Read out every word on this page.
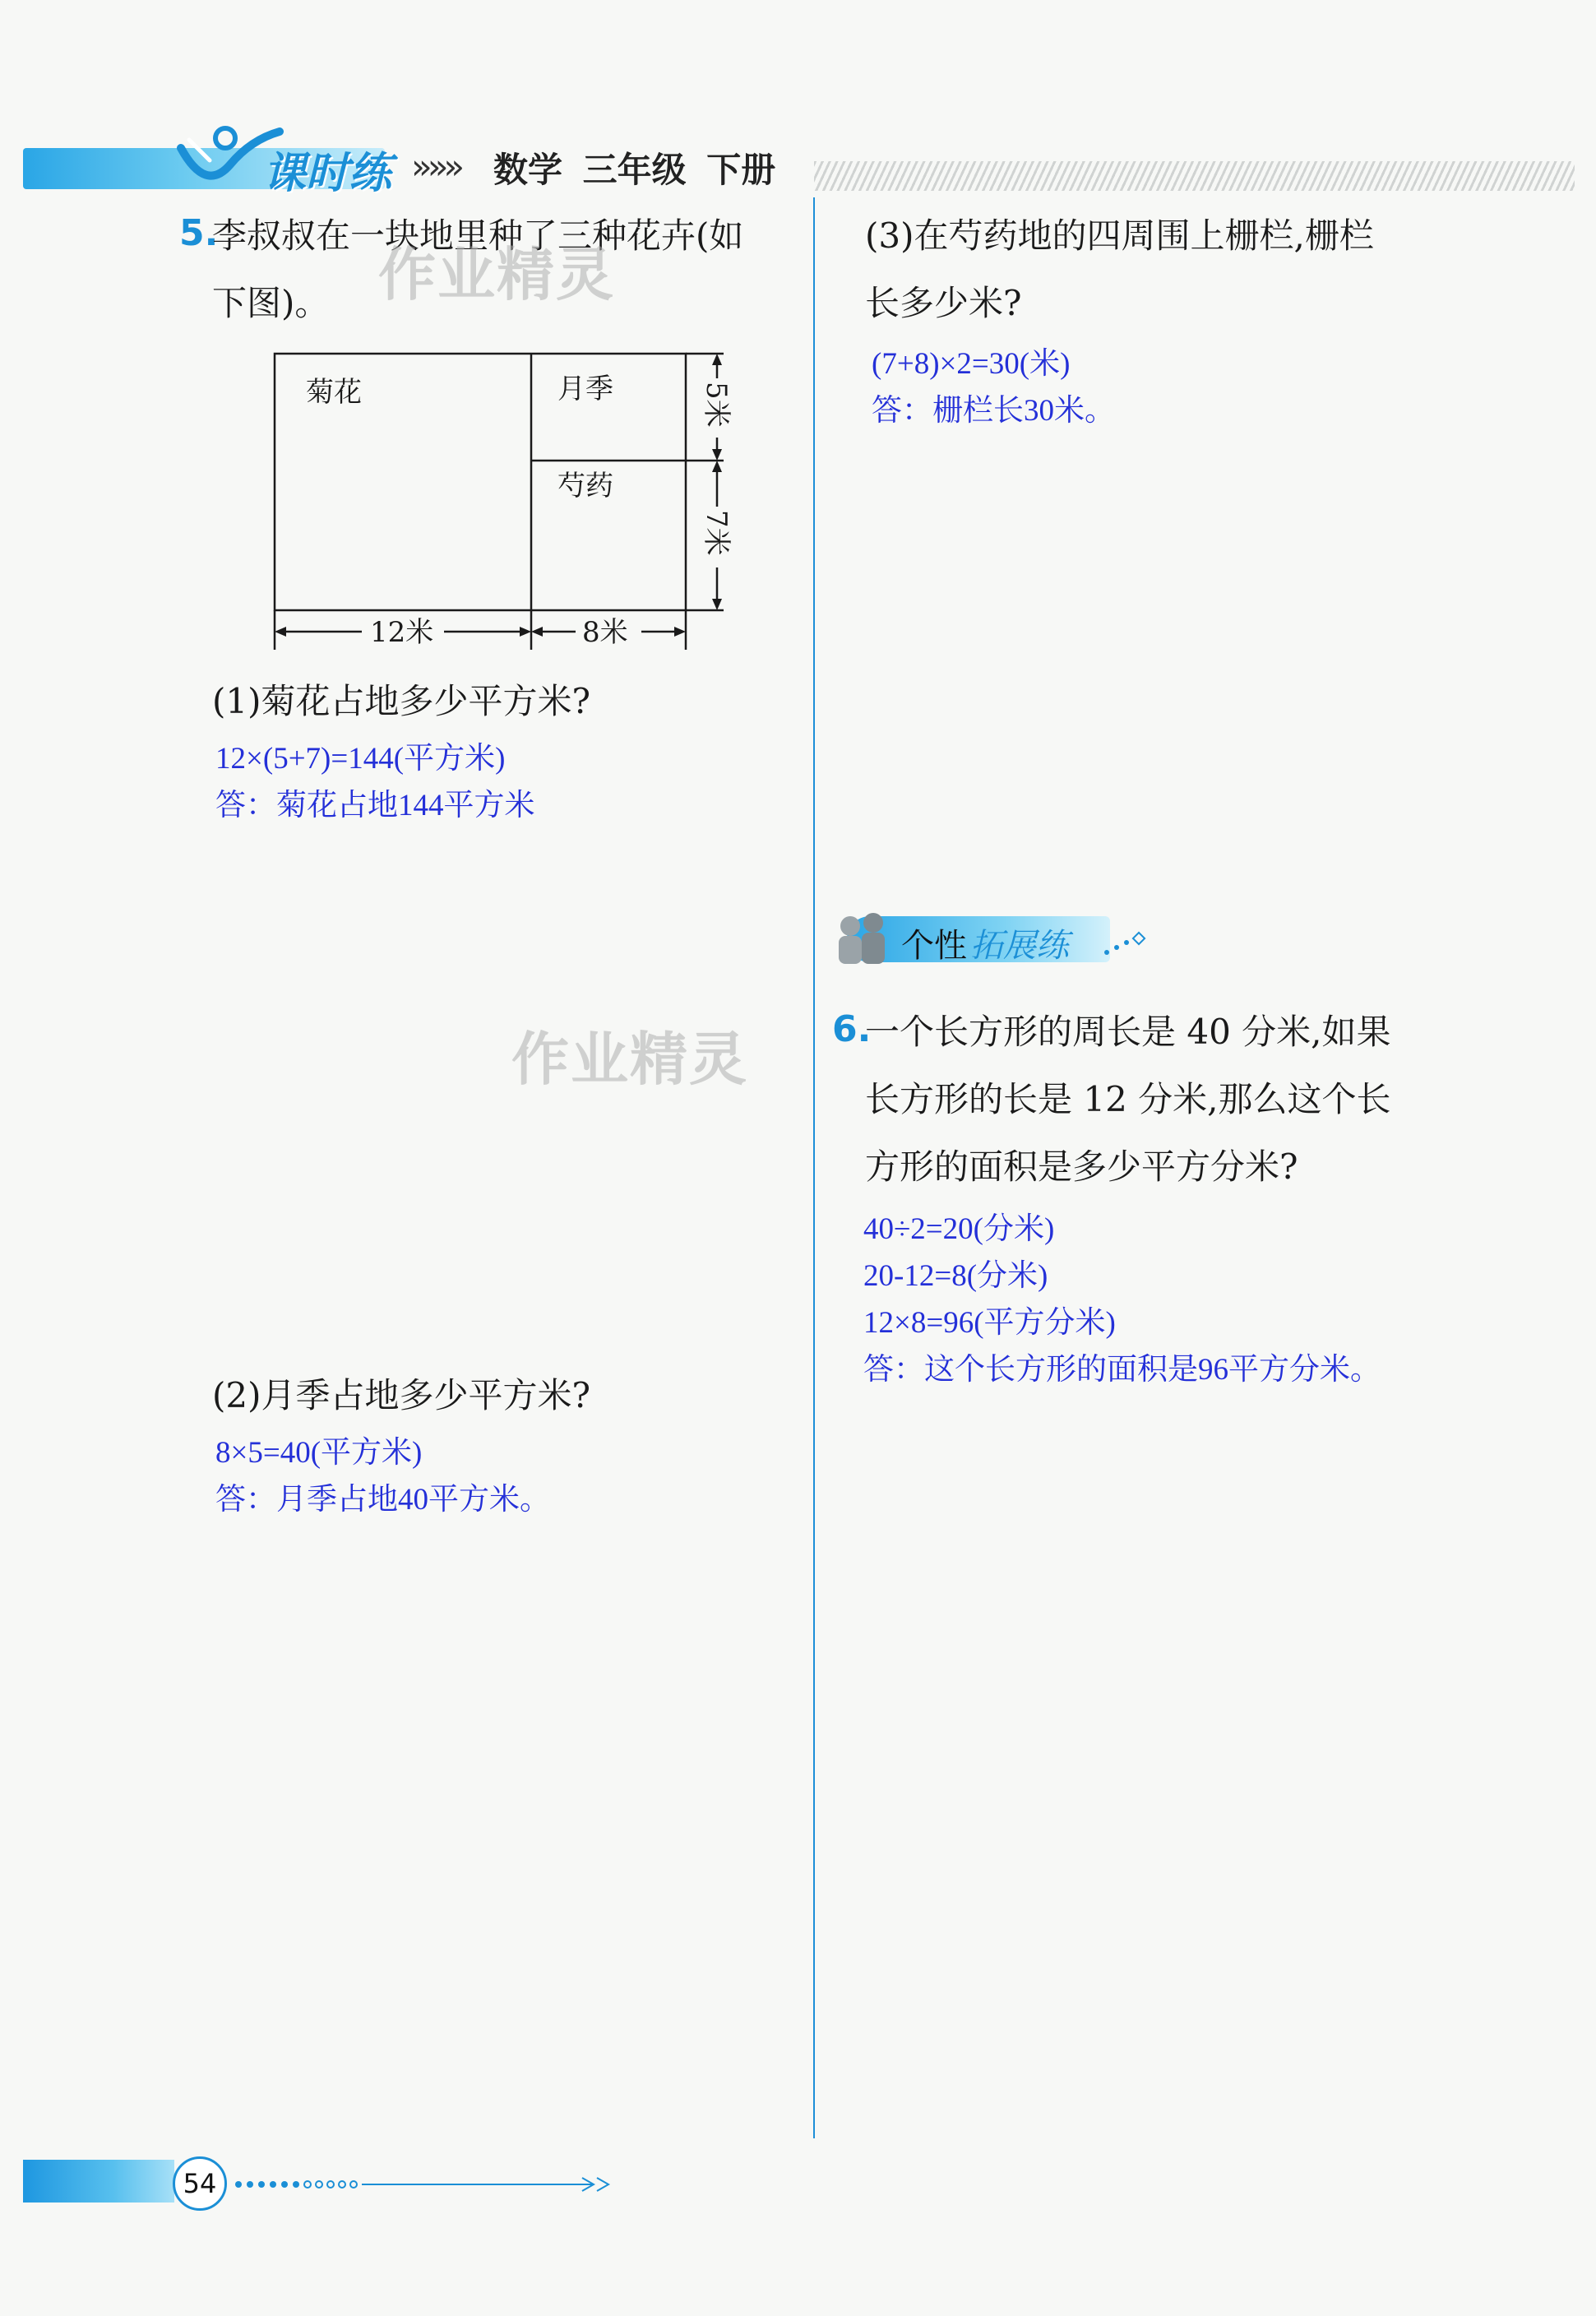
课时练 »»» 数学 三年级 下册
5.
李叔叔在一块地里种了三种花卉(如
下图)。 作业精灵
菊花	月季
芍药
12米	8米
5米
7米
(1)菊花占地多少平方米?
12×(5+7)=144(平方米)
答：菊花占地144平方米
作业精灵
(2)月季占地多少平方米?
8×5=40(平方米)
答：月季占地40平方米。
(3)在芍药地的四周围上栅栏,栅栏
长多少米?
(7+8)×2=30(米)
答：栅栏长30米。
个性 拓展练
6.
一个长方形的周长是 40 分米,如果
长方形的长是 12 分米,那么这个长
方形的面积是多少平方分米?
40÷2=20(分米)
20-12=8(分米)
12×8=96(平方分米)
答：这个长方形的面积是96平方分米。
54
